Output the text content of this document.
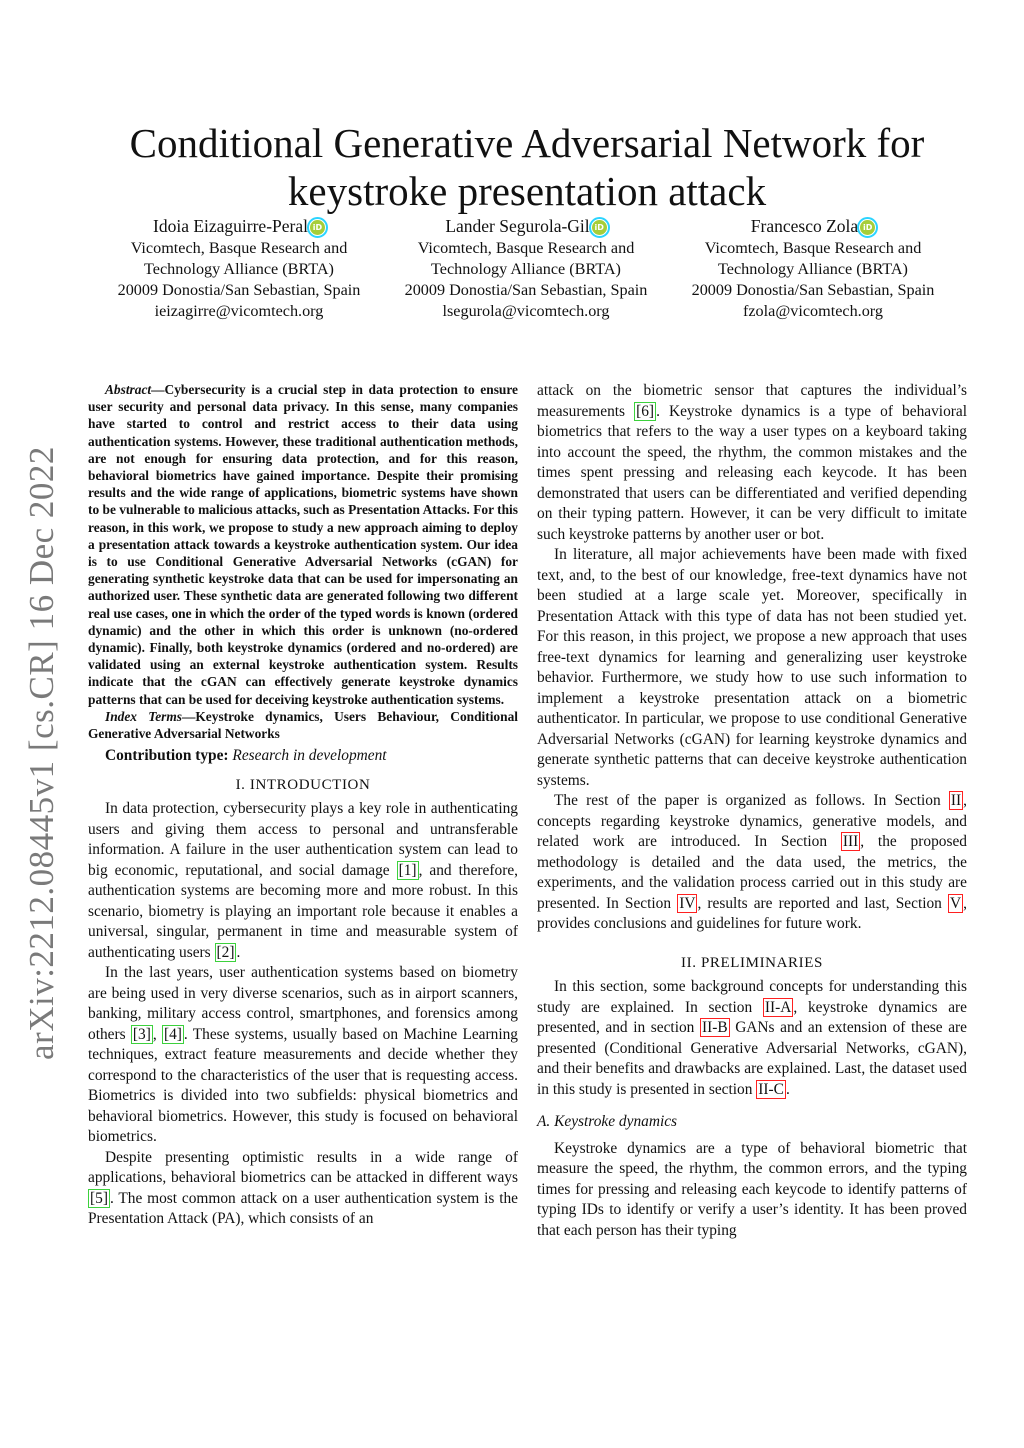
arXiv:2212.08445v1 [cs.CR] 16 Dec 2022
Conditional Generative Adversarial Network for
keystroke presentation attack
Idoia Eizaguirre-Peral iD
Vicomtech, Basque Research and
Technology Alliance (BRTA)
20009 Donostia/San Sebastian, Spain
ieizagirre@vicomtech.org
Lander Segurola-Gil iD
Vicomtech, Basque Research and
Technology Alliance (BRTA)
20009 Donostia/San Sebastian, Spain
lsegurola@vicomtech.org
Francesco Zola iD
Vicomtech, Basque Research and
Technology Alliance (BRTA)
20009 Donostia/San Sebastian, Spain
fzola@vicomtech.org

Abstract—Cybersecurity is a crucial step in data protection to ensure user security and personal data privacy. In this sense, many companies have started to control and restrict access to their data using authentication systems. However, these traditional authentication methods, are not enough for ensuring data protection, and for this reason, behavioral biometrics have gained importance. Despite their promising results and the wide range of applications, biometric systems have shown to be vulnerable to malicious attacks, such as Presentation Attacks. For this reason, in this work, we propose to study a new approach aiming to deploy a presentation attack towards a keystroke authentication system. Our idea is to use Conditional Generative Adversarial Networks (cGAN) for generating synthetic keystroke data that can be used for impersonating an authorized user. These synthetic data are generated following two different real use cases, one in which the order of the typed words is known (ordered dynamic) and the other in which this order is unknown (no-ordered dynamic). Finally, both keystroke dynamics (ordered and no-ordered) are validated using an external keystroke authentication system. Results indicate that the cGAN can effectively generate keystroke dynamics patterns that can be used for deceiving keystroke authentication systems.

Index Terms—Keystroke dynamics, Users Behaviour, Conditional Generative Adversarial Networks

Contribution type: Research in development
I. INTRODUCTION

In data protection, cybersecurity plays a key role in authenticating users and giving them access to personal and untransferable information. A failure in the user authentication system can lead to big economic, reputational, and social damage [1] , and therefore, authentication systems are becoming more and more robust. In this scenario, biometry is playing an important role because it enables a universal, singular, permanent in time and measurable system of authenticating users [2] .

In the last years, user authentication systems based on biometry are being used in very diverse scenarios, such as in airport scanners, banking, military access control, smartphones, and forensics among others [3] , [4] . These systems, usually based on Machine Learning techniques, extract feature measurements and decide whether they correspond to the characteristics of the user that is requesting access. Biometrics is divided into two subfields: physical biometrics and behavioral biometrics. However, this study is focused on behavioral biometrics.

Despite presenting optimistic results in a wide range of applications, behavioral biometrics can be attacked in different ways [5] . The most common attack on a user authentication system is the Presentation Attack (PA), which consists of an

attack on the biometric sensor that captures the individual’s measurements [6] . Keystroke dynamics is a type of behavioral biometrics that refers to the way a user types on a keyboard taking into account the speed, the rhythm, the common mistakes and the times spent pressing and releasing each keycode. It has been demonstrated that users can be differentiated and verified depending on their typing pattern. However, it can be very difficult to imitate such keystroke patterns by another user or bot.

In literature, all major achievements have been made with fixed text, and, to the best of our knowledge, free-text dynamics have not been studied at a large scale yet. Moreover, specifically in Presentation Attack with this type of data has not been studied yet. For this reason, in this project, we propose a new approach that uses free-text dynamics for learning and generalizing user keystroke behavior. Furthermore, we study how to use such information to implement a keystroke presentation attack on a biometric authenticator. In particular, we propose to use conditional Generative Adversarial Networks (cGAN) for learning keystroke dynamics and generate synthetic patterns that can deceive keystroke authentication systems.

The rest of the paper is organized as follows. In Section II , concepts regarding keystroke dynamics, generative models, and related work are introduced. In Section III , the proposed methodology is detailed and the data used, the metrics, the experiments, and the validation process carried out in this study are presented. In Section IV , results are reported and last, Section V , provides conclusions and guidelines for future work.

II. PRELIMINARIES

In this section, some background concepts for understanding this study are explained. In section II-A , keystroke dynamics are presented, and in section II-B GANs and an extension of these are presented (Conditional Generative Adversarial Networks, cGAN), and their benefits and drawbacks are explained. Last, the dataset used in this study is presented in section II-C .

A. Keystroke dynamics

Keystroke dynamics are a type of behavioral biometric that measure the speed, the rhythm, the common errors, and the typing times for pressing and releasing each keycode to identify patterns of typing IDs to identify or verify a user’s identity. It has been proved that each person has their typing
